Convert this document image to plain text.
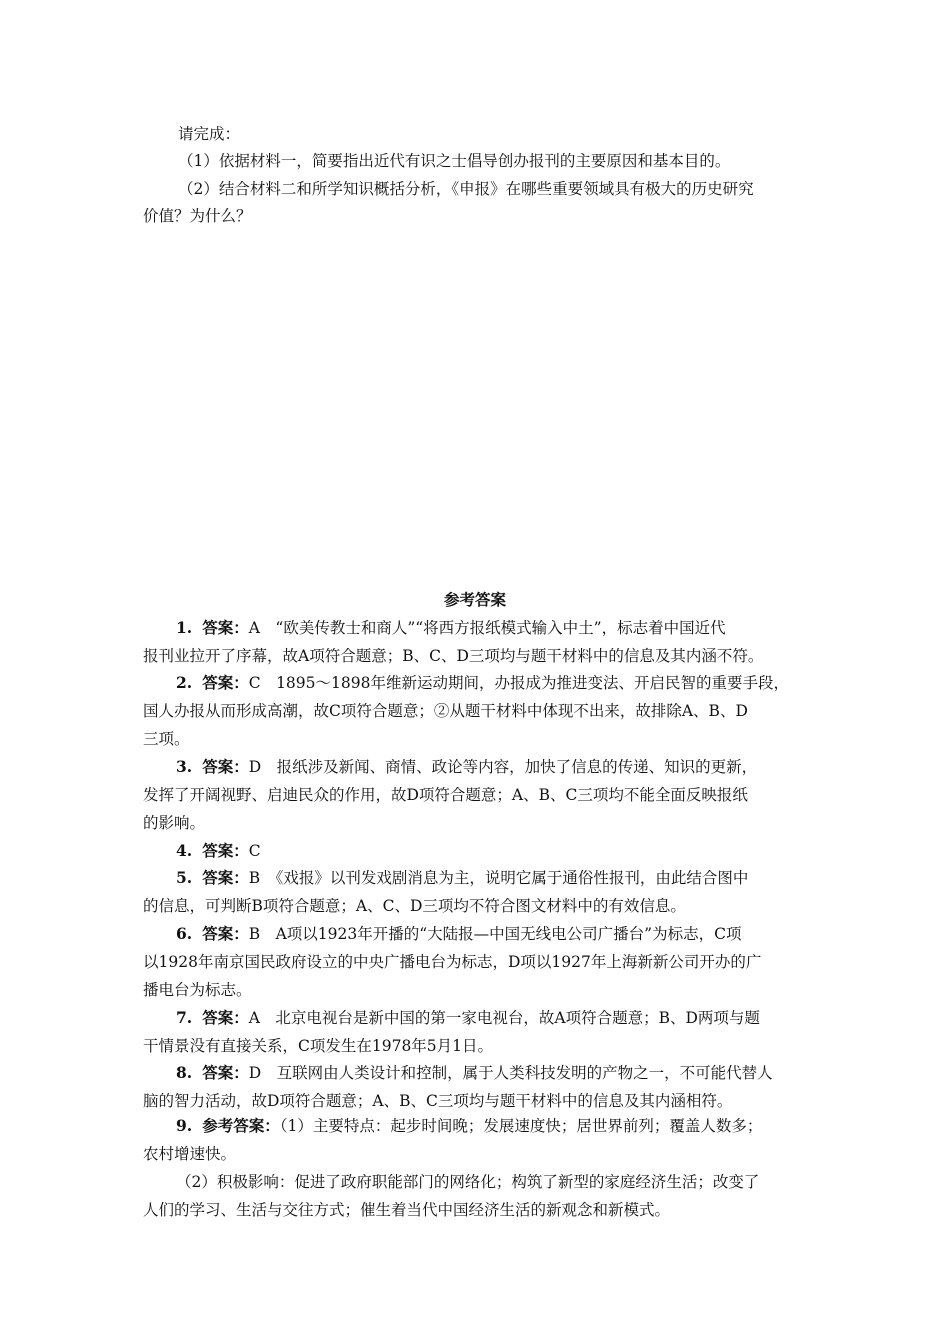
请完成：
（1）依据材料一，简要指出近代有识之士倡导创办报刊的主要原因和基本目的。
（2）结合材料二和所学知识概括分析，《申报》在哪些重要领域具有极大的历史研究
价值？为什么？
参考答案
1. 答案：A　“欧美传教士和商人”“将西方报纸模式输入中土”，标志着中国近代
报刊业拉开了序幕，故A项符合题意；B、C、D三项均与题干材料中的信息及其内涵不符。
2. 答案：C　1895～1898年维新运动期间，办报成为推进变法、开启民智的重要手段，
国人办报从而形成高潮，故C项符合题意；②从题干材料中体现不出来，故排除A、B、D
三项。
3. 答案：D　报纸涉及新闻、商情、政论等内容，加快了信息的传递、知识的更新，
发挥了开阔视野、启迪民众的作用，故D项符合题意；A、B、C三项均不能全面反映报纸
的影响。
4. 答案：C
5. 答案：B　《戏报》以刊发戏剧消息为主，说明它属于通俗性报刊，由此结合图中
的信息，可判断B项符合题意；A、C、D三项均不符合图文材料中的有效信息。
6. 答案：B　A项以1923年开播的“大陆报—中国无线电公司广播台”为标志，C项
以1928年南京国民政府设立的中央广播电台为标志，D项以1927年上海新新公司开办的广
播电台为标志。
7. 答案：A　北京电视台是新中国的第一家电视台，故A项符合题意；B、D两项与题
干情景没有直接关系，C项发生在1978年5月1日。
8. 答案：D　互联网由人类设计和控制，属于人类科技发明的产物之一，不可能代替人
脑的智力活动，故D项符合题意；A、B、C三项均与题干材料中的信息及其内涵相符。
9. 参考答案：（1）主要特点：起步时间晚；发展速度快；居世界前列；覆盖人数多；
农村增速快。
（2）积极影响：促进了政府职能部门的网络化；构筑了新型的家庭经济生活；改变了
人们的学习、生活与交往方式；催生着当代中国经济生活的新观念和新模式。
